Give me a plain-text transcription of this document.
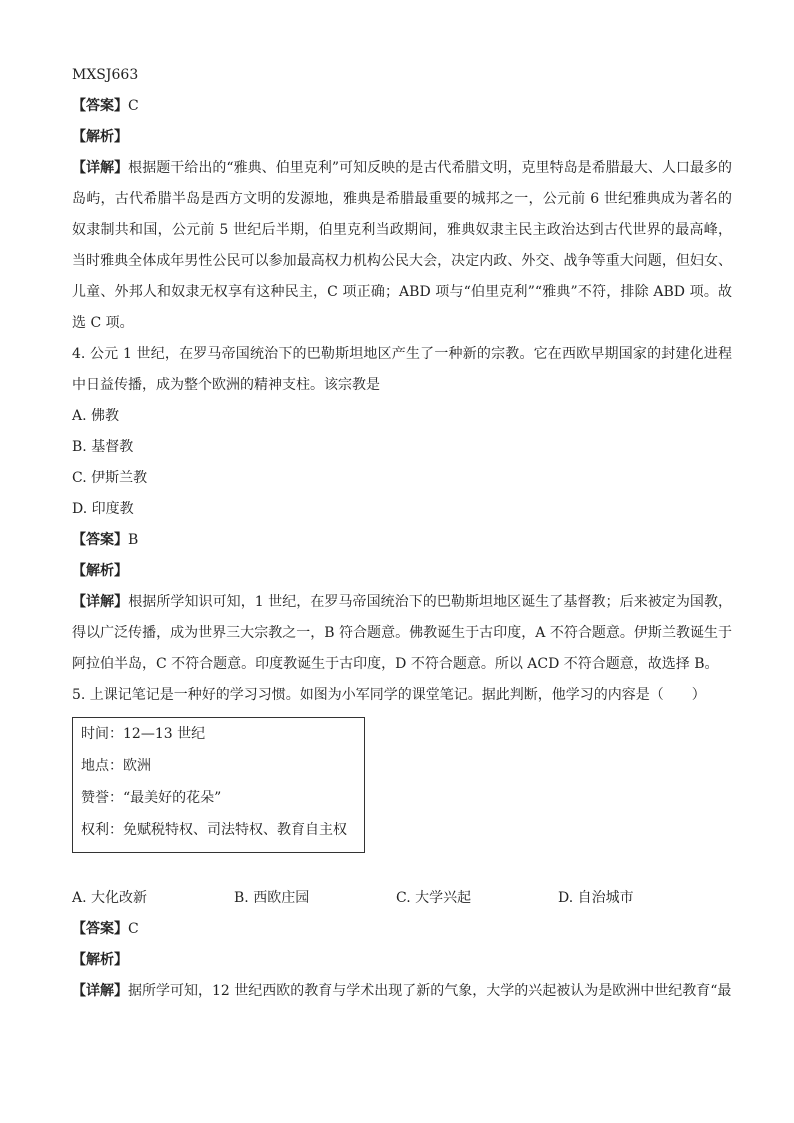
MXSJ663
【答案】C
【解析】
【详解】根据题干给出的“雅典、伯里克利”可知反映的是古代希腊文明，克里特岛是希腊最大、人口最多的岛屿，古代希腊半岛是西方文明的发源地，雅典是希腊最重要的城邦之一，公元前 6 世纪雅典成为著名的奴隶制共和国，公元前 5 世纪后半期，伯里克利当政期间，雅典奴隶主民主政治达到古代世界的最高峰，当时雅典全体成年男性公民可以参加最高权力机构公民大会，决定内政、外交、战争等重大问题，但妇女、儿童、外邦人和奴隶无权享有这种民主，C 项正确；ABD 项与“伯里克利”“雅典”不符，排除 ABD 项。故选 C 项。
4. 公元 1 世纪，在罗马帝国统治下的巴勒斯坦地区产生了一种新的宗教。它在西欧早期国家的封建化进程中日益传播，成为整个欧洲的精神支柱。该宗教是
A. 佛教
B. 基督教
C. 伊斯兰教
D. 印度教
【答案】B
【解析】
【详解】根据所学知识可知，1 世纪，在罗马帝国统治下的巴勒斯坦地区诞生了基督教；后来被定为国教，得以广泛传播，成为世界三大宗教之一，B 符合题意。佛教诞生于古印度，A 不符合题意。伊斯兰教诞生于阿拉伯半岛，C 不符合题意。印度教诞生于古印度，D 不符合题意。所以 ACD 不符合题意，故选择 B。
5. 上课记笔记是一种好的学习习惯。如图为小军同学的课堂笔记。据此判断，他学习的内容是（　　）
时间：12—13 世纪
地点：欧洲
赞誉：“最美好的花朵”
权利：免赋税特权、司法特权、教育自主权
A. 大化改新	B. 西欧庄园	C. 大学兴起	D. 自治城市
【答案】C
【解析】
【详解】据所学可知，12 世纪西欧的教育与学术出现了新的气象，大学的兴起被认为是欧洲中世纪教育“最
